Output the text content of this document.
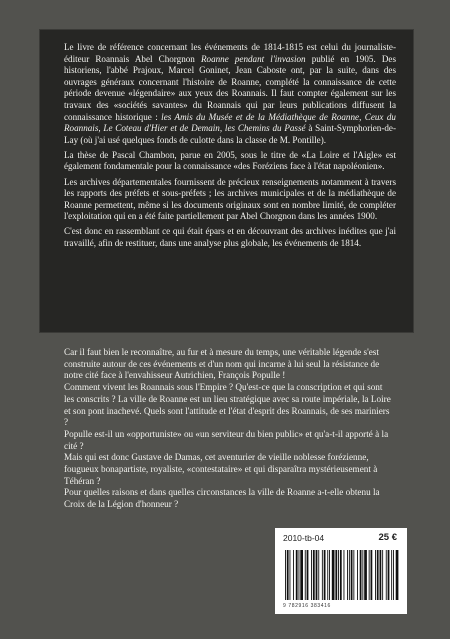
Le livre de référence concernant les événements de 1814-1815 est celui du journaliste-éditeur Roannais Abel Chorgnon Roanne pendant l'invasion publié en 1905. Des historiens, l'abbé Prajoux, Marcel Goninet, Jean Caboste ont, par la suite, dans des ouvrages généraux concernant l'histoire de Roanne, complété la connaissance de cette période devenue «légendaire» aux yeux des Roannais. Il faut compter également sur les travaux des «sociétés savantes» du Roannais qui par leurs publications diffusent la connaissance historique : les Amis du Musée et de la Médiathèque de Roanne, Ceux du Roannais, Le Coteau d'Hier et de Demain, les Chemins du Passé à Saint-Symphorien-de-Lay (où j'ai usé quelques fonds de culotte dans la classe de M. Pontille).

La thèse de Pascal Chambon, parue en 2005, sous le titre de «La Loire et l'Aigle» est également fondamentale pour la connaissance «des Foréziens face à l'état napoléonien».

Les archives départementales fournissent de précieux renseignements notamment à travers les rapports des préfets et sous-préfets ; les archives municipales et de la médiathèque de Roanne permettent, même si les documents originaux sont en nombre limité, de compléter l'exploitation qui en a été faite partiellement par Abel Chorgnon dans les années 1900.

C'est donc en rassemblant ce qui était épars et en découvrant des archives inédites que j'ai travaillé, afin de restituer, dans une analyse plus globale, les événements de 1814.

Car il faut bien le reconnaître, au fur et à mesure du temps, une véritable légende s'est construite autour de ces événements et d'un nom qui incarne à lui seul la résistance de notre cité face à l'envahisseur Autrichien, François Populle !

Comment vivent les Roannais sous l'Empire ? Qu'est-ce que la conscription et qui sont les conscrits ? La ville de Roanne est un lieu stratégique avec sa route impériale, la Loire et son pont inachevé. Quels sont l'attitude et l'état d'esprit des Roannais, de ses mariniers ?

Populle est-il un «opportuniste» ou «un serviteur du bien public» et qu'a-t-il apporté à la cité ?

Mais qui est donc Gustave de Damas, cet aventurier de vieille noblesse forézienne, fougueux bonapartiste, royaliste, «contestataire» et qui disparaîtra mystérieusement à Téhéran ?

Pour quelles raisons et dans quelles circonstances la ville de Roanne a-t-elle obtenu la Croix de la Légion d'honneur ?

2010-tb-04	25 €
9 782916 383416
